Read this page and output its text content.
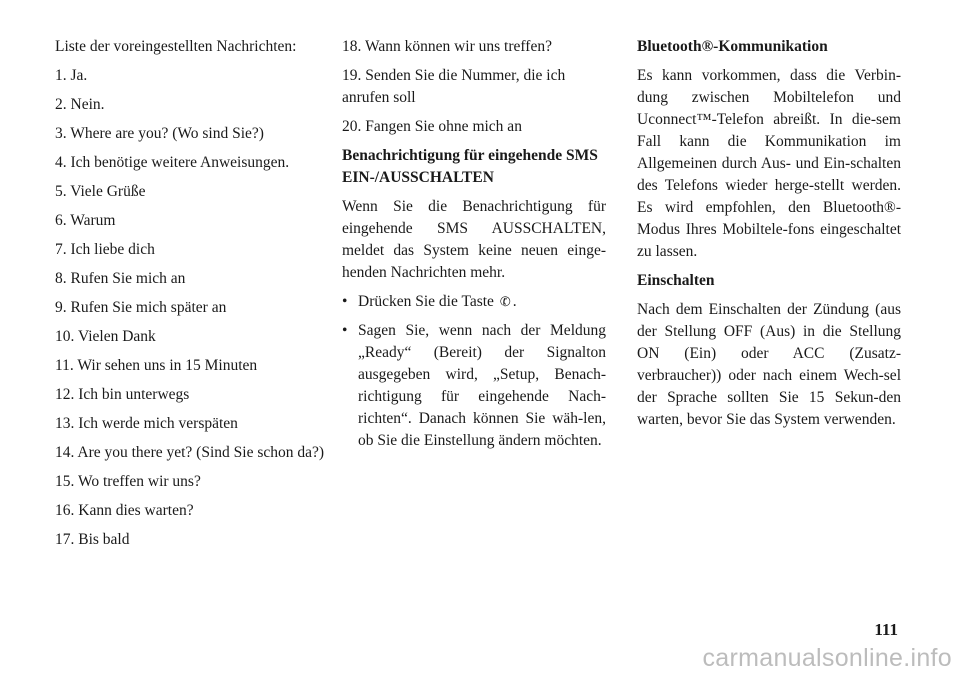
Liste der voreingestellten Nachrichten:

1. Ja.

2. Nein.

3. Where are you? (Wo sind Sie?)

4. Ich benötige weitere Anweisungen.

5. Viele Grüße

6. Warum

7. Ich liebe dich

8. Rufen Sie mich an

9. Rufen Sie mich später an

10. Vielen Dank

11. Wir sehen uns in 15 Minuten

12. Ich bin unterwegs

13. Ich werde mich verspäten

14. Are you there yet? (Sind Sie schon da?)

15. Wo treffen wir uns?

16. Kann dies warten?

17. Bis bald

18. Wann können wir uns treffen?

19. Senden Sie die Nummer, die ich anrufen soll

20. Fangen Sie ohne mich an

Benachrichtigung für eingehende SMS EIN-/AUSSCHALTEN

Wenn Sie die Benachrichtigung für eingehende SMS AUSSCHALTEN, meldet das System keine neuen einge-henden Nachrichten mehr.

• Drücken Sie die Taste ✆.
• Sagen Sie, wenn nach der Meldung „Ready“ (Bereit) der Signalton ausgegeben wird, „Setup, Benach-richtigung für eingehende Nach-richten“. Danach können Sie wäh-len, ob Sie die Einstellung ändern möchten.

Bluetooth®-Kommunikation

Es kann vorkommen, dass die Verbin-dung zwischen Mobiltelefon und Uconnect™-Telefon abreißt. In die-sem Fall kann die Kommunikation im Allgemeinen durch Aus- und Ein-schalten des Telefons wieder herge-stellt werden. Es wird empfohlen, den Bluetooth®-Modus Ihres Mobiltele-fons eingeschaltet zu lassen.

Einschalten

Nach dem Einschalten der Zündung (aus der Stellung OFF (Aus) in die Stellung ON (Ein) oder ACC (Zusatz-verbraucher)) oder nach einem Wech-sel der Sprache sollten Sie 15 Sekun-den warten, bevor Sie das System verwenden.

111
carmanualsonline.info
